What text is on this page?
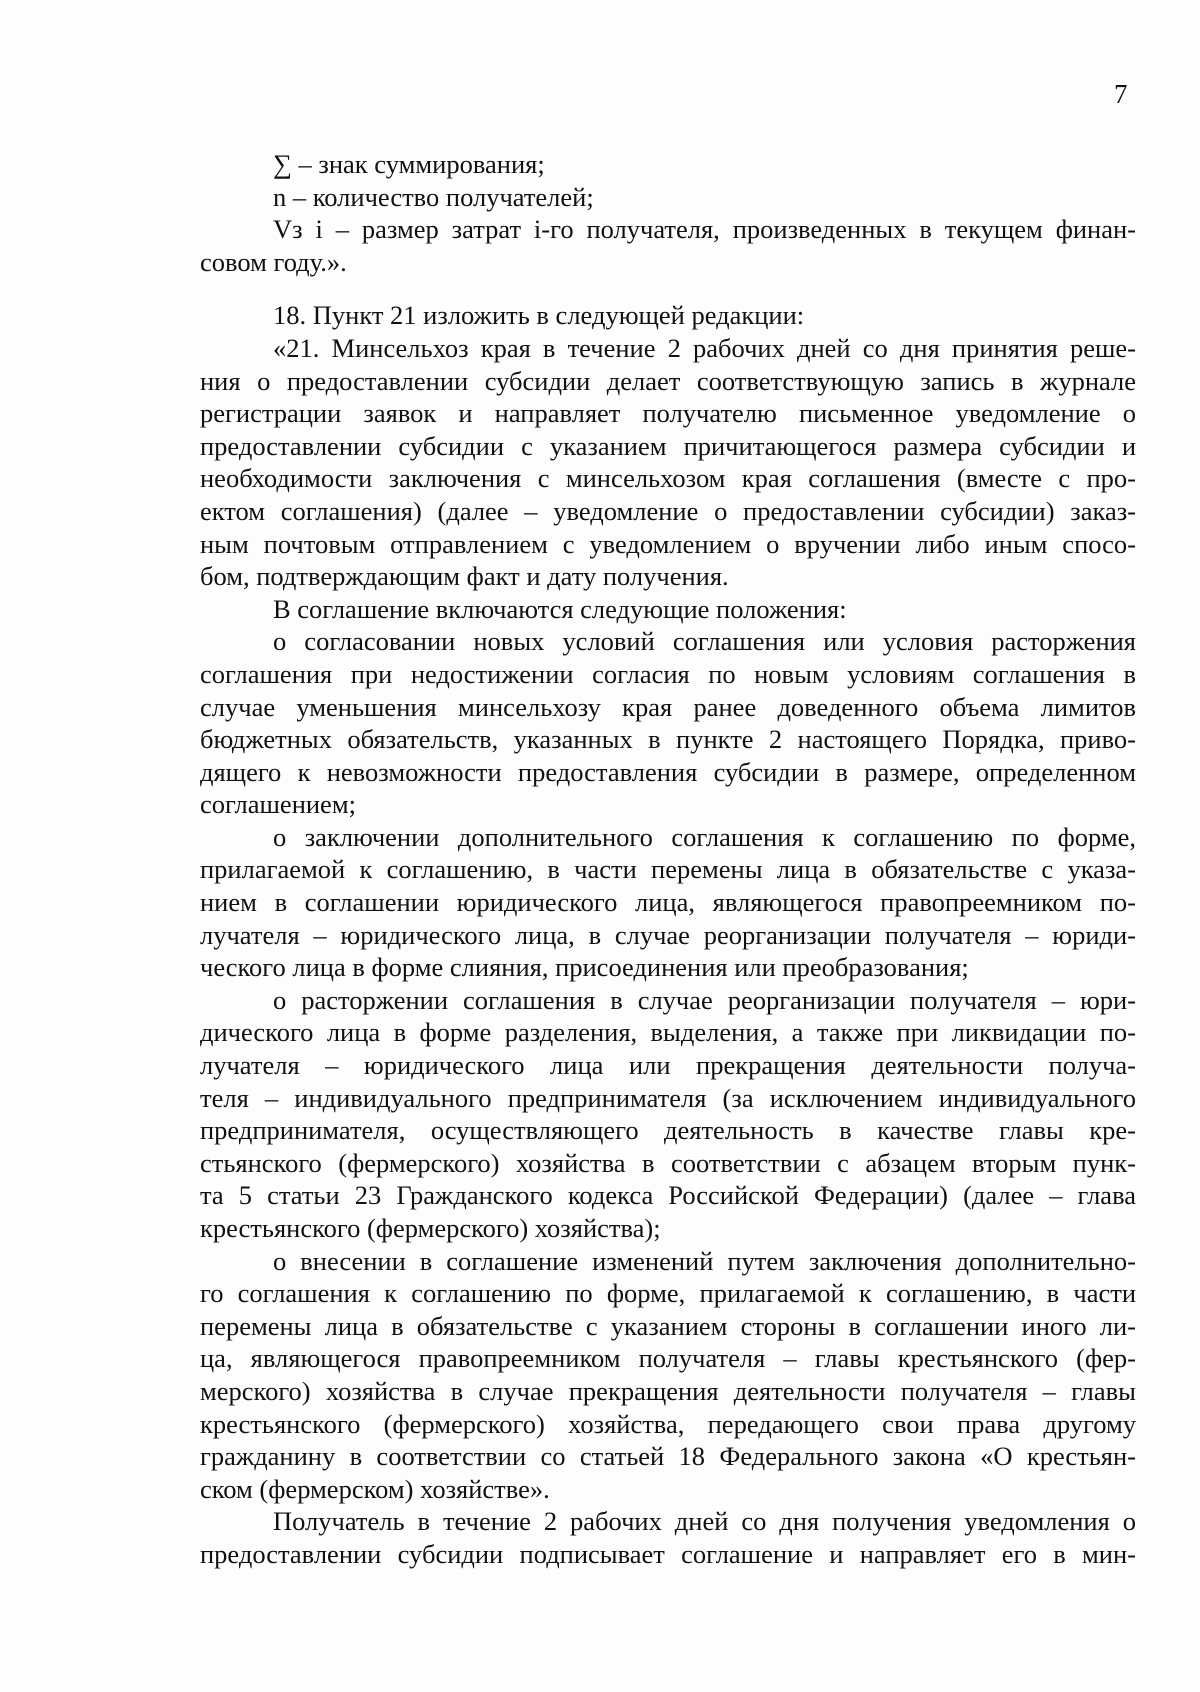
7
∑ – знак суммирования;
n – количество получателей;
Vз i – размер затрат i-го получателя, произведенных в текущем финан-
совом году.».
18. Пункт 21 изложить в следующей редакции:
«21. Минсельхоз края в течение 2 рабочих дней со дня принятия реше-
ния о предоставлении субсидии делает соответствующую запись в журнале
регистрации заявок и направляет получателю письменное уведомление о
предоставлении субсидии с указанием причитающегося размера субсидии и
необходимости заключения с минсельхозом края соглашения (вместе с про-
ектом соглашения) (далее – уведомление о предоставлении субсидии) заказ-
ным почтовым отправлением с уведомлением о вручении либо иным спосо-
бом, подтверждающим факт и дату получения.
В соглашение включаются следующие положения:
о согласовании новых условий соглашения или условия расторжения
соглашения при недостижении согласия по новым условиям соглашения в
случае уменьшения минсельхозу края ранее доведенного объема лимитов
бюджетных обязательств, указанных в пункте 2 настоящего Порядка, приво-
дящего к невозможности предоставления субсидии в размере, определенном
соглашением;
о заключении дополнительного соглашения к соглашению по форме,
прилагаемой к соглашению, в части перемены лица в обязательстве с указа-
нием в соглашении юридического лица, являющегося правопреемником по-
лучателя – юридического лица, в случае реорганизации получателя – юриди-
ческого лица в форме слияния, присоединения или преобразования;
о расторжении соглашения в случае реорганизации получателя – юри-
дического лица в форме разделения, выделения, а также при ликвидации по-
лучателя – юридического лица или прекращения деятельности получа-
теля – индивидуального предпринимателя (за исключением индивидуального
предпринимателя, осуществляющего деятельность в качестве главы кре-
стьянского (фермерского) хозяйства в соответствии с абзацем вторым пунк-
та 5 статьи 23 Гражданского кодекса Российской Федерации) (далее – глава
крестьянского (фермерского) хозяйства);
о внесении в соглашение изменений путем заключения дополнительно-
го соглашения к соглашению по форме, прилагаемой к соглашению, в части
перемены лица в обязательстве с указанием стороны в соглашении иного ли-
ца, являющегося правопреемником получателя – главы крестьянского (фер-
мерского) хозяйства в случае прекращения деятельности получателя – главы
крестьянского (фермерского) хозяйства, передающего свои права другому
гражданину в соответствии со статьей 18 Федерального закона «О крестьян-
ском (фермерском) хозяйстве».
Получатель в течение 2 рабочих дней со дня получения уведомления о
предоставлении субсидии подписывает соглашение и направляет его в мин-
